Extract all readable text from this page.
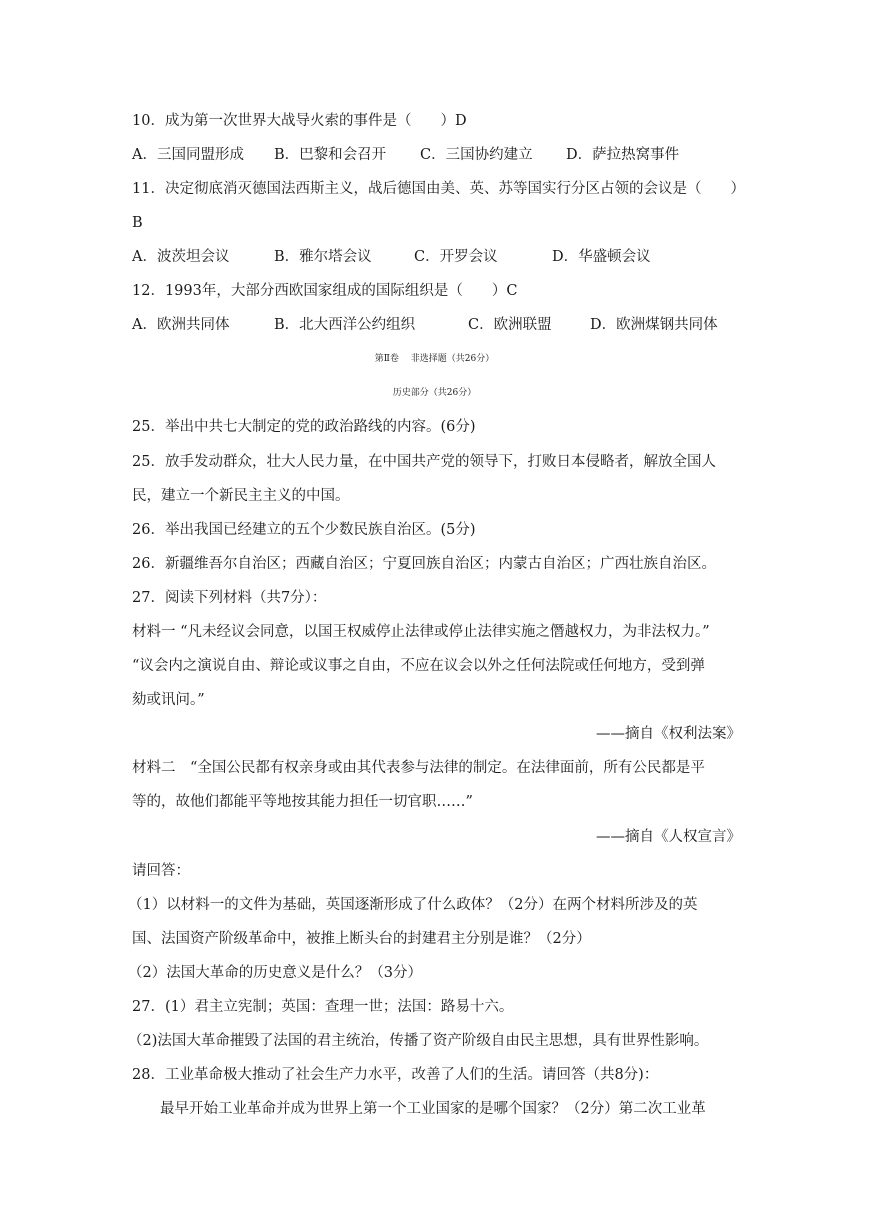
10．成为第一次世界大战导火索的事件是（　　）D
A．三国同盟形成 B．巴黎和会召开 C．三国协约建立 D．萨拉热窝事件
11．决定彻底消灭德国法西斯主义，战后德国由美、英、苏等国实行分区占领的会议是（　　）
B
A．波茨坦会议	B．雅尔塔会议	C．开罗会议	D．华盛顿会议
12．1993年，大部分西欧国家组成的国际组织是（　　）C
A．欧洲共同体	B．北大西洋公约组织	C．欧洲联盟	D．欧洲煤钢共同体
第Ⅱ卷　 非选择题（共26分）
历史部分（共26分）
25．举出中共七大制定的党的政治路线的内容。(6分)
25．放手发动群众，壮大人民力量，在中国共产党的领导下，打败日本侵略者，解放全国人
民，建立一个新民主主义的中国。
26．举出我国已经建立的五个少数民族自治区。(5分)
26．新疆维吾尔自治区；西藏自治区；宁夏回族自治区；内蒙古自治区；广西壮族自治区。
27．阅读下列材料（共7分）：
材料一 “凡未经议会同意，以国王权威停止法律或停止法律实施之僭越权力，为非法权力。”
“议会内之演说自由、辩论或议事之自由，不应在议会以外之任何法院或任何地方，受到弹
劾或讯问。”
——摘自《权利法案》
材料二　“全国公民都有权亲身或由其代表参与法律的制定。在法律面前，所有公民都是平
等的，故他们都能平等地按其能力担任一切官职……”
——摘自《人权宣言》
请回答：
（1）以材料一的文件为基础，英国逐渐形成了什么政体？（2分）在两个材料所涉及的英
国、法国资产阶级革命中，被推上断头台的封建君主分别是谁？（2分）
（2）法国大革命的历史意义是什么？（3分）
27．(1）君主立宪制；英国：查理一世；法国：路易十六。
（2)法国大革命摧毁了法国的君主统治，传播了资产阶级自由民主思想，具有世界性影响。
28．工业革命极大推动了社会生产力水平，改善了人们的生活。请回答（共8分)：
最早开始工业革命并成为世界上第一个工业国家的是哪个国家？（2分）第二次工业革
